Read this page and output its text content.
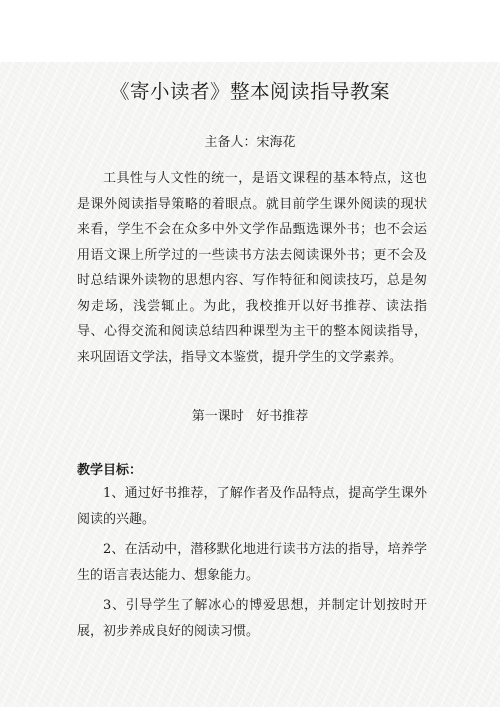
《寄小读者》整本阅读指导教案
主备人：宋海花

工具性与人文性的统一，是语文课程的基本特点，这也是课外阅读指导策略的着眼点。就目前学生课外阅读的现状来看，学生不会在众多中外文学作品甄选课外书；也不会运用语文课上所学过的一些读书方法去阅读课外书；更不会及时总结课外读物的思想内容、写作特征和阅读技巧，总是匆匆走场，浅尝辄止。为此，我校推开以好书推荐、读法指导、心得交流和阅读总结四种课型为主干的整本阅读指导，来巩固语文学法，指导文本鉴赏，提升学生的文学素养。

第一课时   好书推荐
教学目标：
1、通过好书推荐，了解作者及作品特点，提高学生课外阅读的兴趣。
2、在活动中，潜移默化地进行读书方法的指导，培养学生的语言表达能力、想象能力。
3、引导学生了解冰心的博爱思想，并制定计划按时开展，初步养成良好的阅读习惯。
